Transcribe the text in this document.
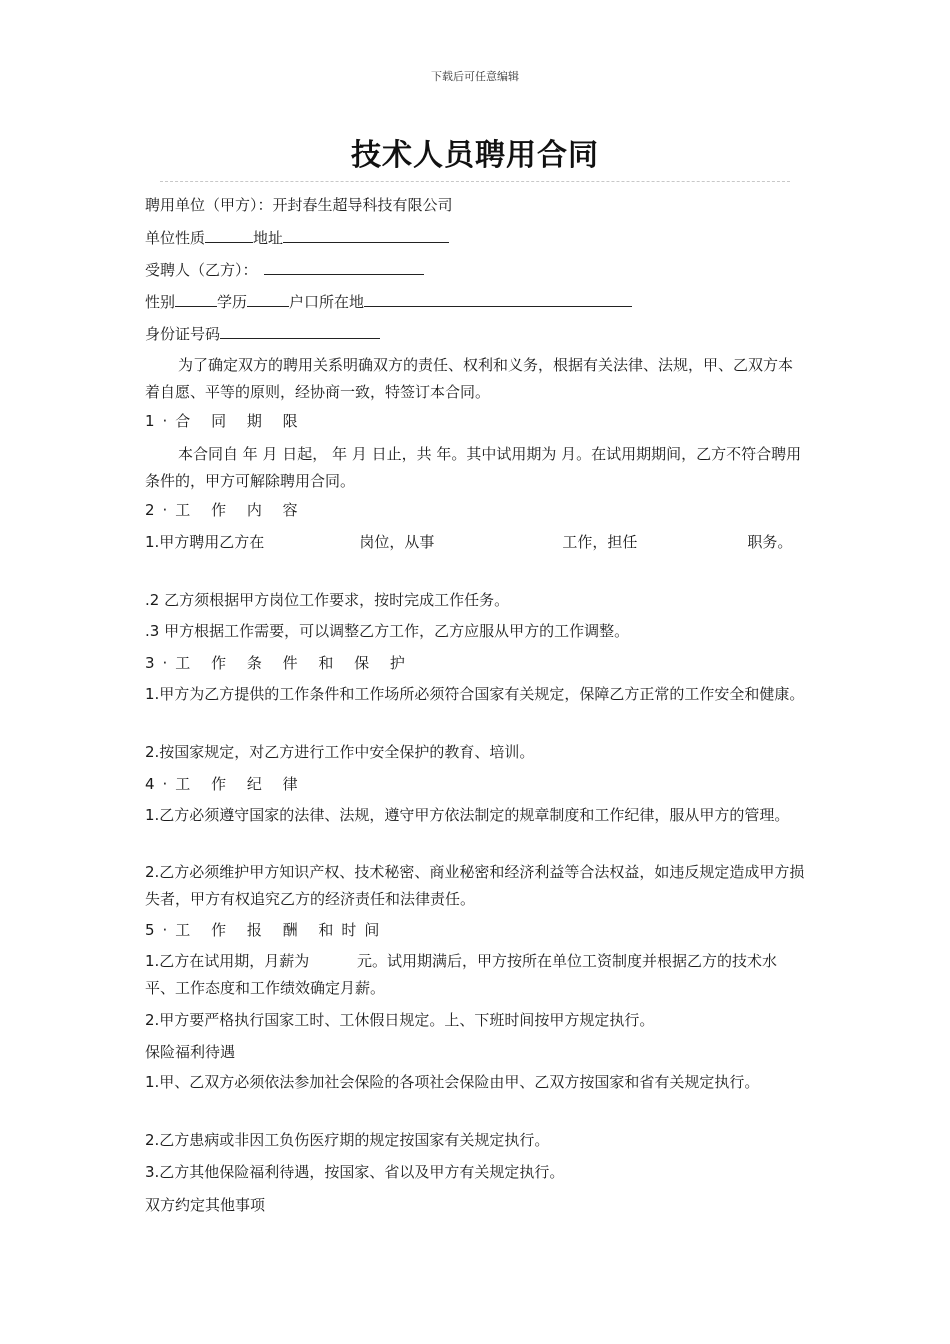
下载后可任意编辑
技术人员聘用合同
聘用单位（甲方）：开封春生超导科技有限公司
单位性质	地址
受聘人（乙方）：
性别	学历	户口所在地
身份证号码
为了确定双方的聘用关系明确双方的责任、权利和义务，根据有关法律、法规，甲、乙双方本着自愿、平等的原则，经协商一致，特签订本合同。
1·合 同 期 限
本合同自 年 月 日起， 年 月 日止，共 年。其中试用期为 月。在试用期期间，乙方不符合聘用条件的，甲方可解除聘用合同。
2·工 作 内 容
1.甲方聘用乙方在	岗位，从事	工作，担任	职务。
.2 乙方须根据甲方岗位工作要求，按时完成工作任务。
.3 甲方根据工作需要，可以调整乙方工作，乙方应服从甲方的工作调整。
3·工 作 条 件 和 保 护
1.甲方为乙方提供的工作条件和工作场所必须符合国家有关规定，保障乙方正常的工作安全和健康。
2.按国家规定，对乙方进行工作中安全保护的教育、培训。
4·工 作 纪 律
1.乙方必须遵守国家的法律、法规，遵守甲方依法制定的规章制度和工作纪律，服从甲方的管理。
2.乙方必须维护甲方知识产权、技术秘密、商业秘密和经济利益等合法权益，如违反规定造成甲方损失者，甲方有权追究乙方的经济责任和法律责任。
5·工 作 报 酬 和时间
1.乙方在试用期，月薪为          元。试用期满后，甲方按所在单位工资制度并根据乙方的技术水平、工作态度和工作绩效确定月薪。
2.甲方要严格执行国家工时、工休假日规定。上、下班时间按甲方规定执行。
保险福利待遇
1.甲、乙双方必须依法参加社会保险的各项社会保险由甲、乙双方按国家和省有关规定执行。
2.乙方患病或非因工负伤医疗期的规定按国家有关规定执行。
3.乙方其他保险福利待遇，按国家、省以及甲方有关规定执行。
双方约定其他事项
